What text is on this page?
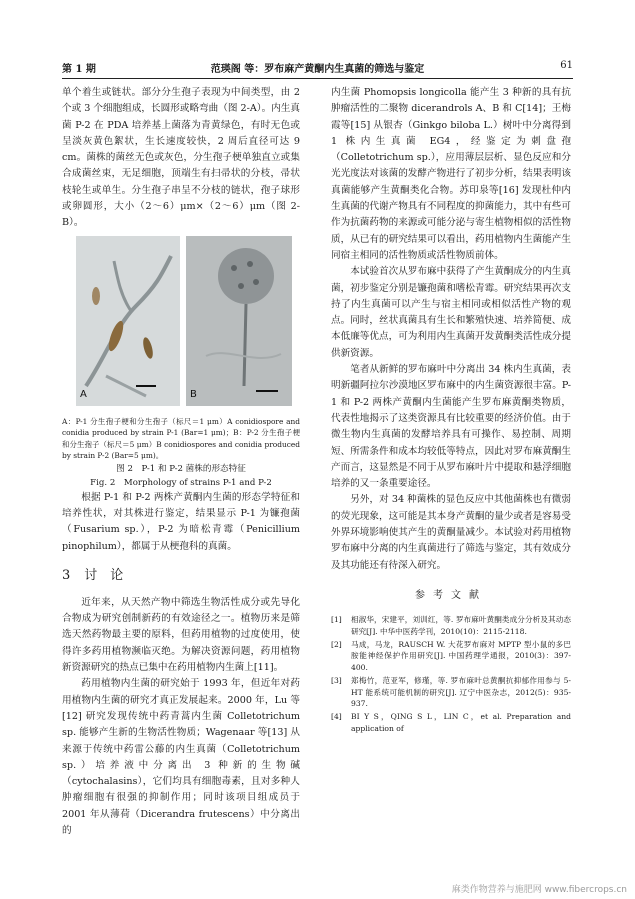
第 1 期	范瑛阁 等：罗布麻产黄酮内生真菌的筛选与鉴定	61

单个着生或链状。部分分生孢子表现为中间类型，由 2 个或 3 个细胞组成，长圆形或略弯曲（图 2-A）。内生真菌 P-2 在 PDA 培养基上菌落为青黄绿色，有时无色或呈淡灰黄色絮状，生长速度较快，2 周后直径可达 9 cm。菌株的菌丝无色或灰色，分生孢子梗单独直立或集合成菌丝束，无足细胞，顶端生有扫帚状的分枝，帚状枝轮生或单生。分生孢子串呈不分枝的链状，孢子球形或卵圆形，大小（2～6）μm×（2～6）μm（图 2-B）。

A	B

A：P-1 分生孢子梗和分生孢子（标尺＝1 μm）A conidiospore and conidia produced by strain P-1 (Bar=1 μm)；B：P-2 分生孢子梗和分生孢子（标尺＝5 μm）B conidiospores and conidia produced by strain P-2 (Bar=5 μm)。

图 2　P-1 和 P-2 菌株的形态特征

Fig. 2　Morphology of strains P-1 and P-2

根据 P-1 和 P-2 两株产黄酮内生菌的形态学特征和培养性状，对其株进行鉴定，结果显示 P-1 为镰孢菌（Fusarium sp.），P-2 为暗松青霉（Penicillium pinophilum），都属于从梗孢科的真菌。

3 讨　论

近年来，从天然产物中筛选生物活性成分或先导化合物成为研究创制新药的有效途径之一。植物历来是筛选天然药物最主要的原料，但药用植物的过度使用，使得许多药用植物濒临灭绝。为解决资源问题，药用植物新资源研究的热点已集中在药用植物内生菌上[11]。

药用植物内生菌的研究始于 1993 年，但近年对药用植物内生菌的研究才真正发展起来。2000 年，Lu 等[12] 研究发现传统中药青蒿内生菌 Colletotrichum sp. 能够产生新的生物活性物质；Wagenaar 等[13] 从来源于传统中药雷公藤的内生真菌（Colletotrichum sp.）培养液中分离出 3 种新的生物碱（cytochalasins），它们均具有细胞毒素，且对多种人肿瘤细胞有很强的抑制作用；同时该项目组成员于 2001 年从薄荷（Dicerandra frutescens）中分离出的

内生菌 Phomopsis longicolla 能产生 3 种新的具有抗肿瘤活性的二聚物 dicerandrols A、B 和 C[14]；王梅霞等[15] 从银杏（Ginkgo biloba L.）树叶中分离得到 1 株内生真菌 EG4，经鉴定为刺盘孢（Colletotrichum sp.），应用薄层层析、显色反应和分光光度法对该菌的发酵产物进行了初步分析，结果表明该真菌能够产生黄酮类化合物。苏印泉等[16] 发现杜仲内生真菌的代谢产物具有不同程度的抑菌能力，其中有些可作为抗菌药物的来源或可能分泌与寄生植物相似的活性物质，从已有的研究结果可以看出，药用植物内生菌能产生同宿主相同的活性物质或活性物质前体。

本试验首次从罗布麻中获得了产生黄酮成分的内生真菌，初步鉴定分别是镰孢菌和嗜松青霉。研究结果再次支持了内生真菌可以产生与宿主相同或相似活性产物的观点。同时，丝状真菌具有生长和繁殖快速、培养简便、成本低廉等优点，可为利用内生真菌开发黄酮类活性成分提供新资源。

笔者从新鲜的罗布麻叶中分离出 34 株内生真菌，表明新疆阿拉尔沙漠地区罗布麻中的内生菌资源很丰富。P-1 和 P-2 两株产黄酮内生菌能产生罗布麻黄酮类物质，代表性地揭示了这类资源具有比较重要的经济价值。由于微生物内生真菌的发酵培养具有可操作、易控制、周期短、所需条件和成本均较低等特点，因此对罗布麻黄酮生产而言，这显然是不同于从罗布麻叶片中提取和悬浮细胞培养的又一条重要途径。

另外，对 34 种菌株的显色反应中其他菌株也有微弱的荧光现象，这可能是其本身产黄酮的量少或者是容易受外界环境影响使其产生的黄酮量减少。本试验对药用植物罗布麻中分离的内生真菌进行了筛选与鉴定，其有效成分及其功能还有待深入研究。

参考文献
[1]	相淑华，宋建平，刘训红，等. 罗布麻叶黄酮类成分分析及其动态研究[J]. 中华中医药学刊，2010(10)：2115-2118.
[2]	马成，马龙，RAUSCH W. 大花罗布麻对 MPTP 型小鼠的多巴胺能神经保护作用研究[J]. 中国药理学通报，2010(3)：397-400.
[3]	郑梅竹，范亚军，修瑾，等. 罗布麻叶总黄酮抗抑郁作用参与 5-HT 能系统可能机制的研究[J]. 辽宁中医杂志，2012(5)：935-937.
[4]	BI Y S，QING S L，LIN C，et al. Preparation and application of
麻类作物营养与施肥网 www.fibercrops.cn
